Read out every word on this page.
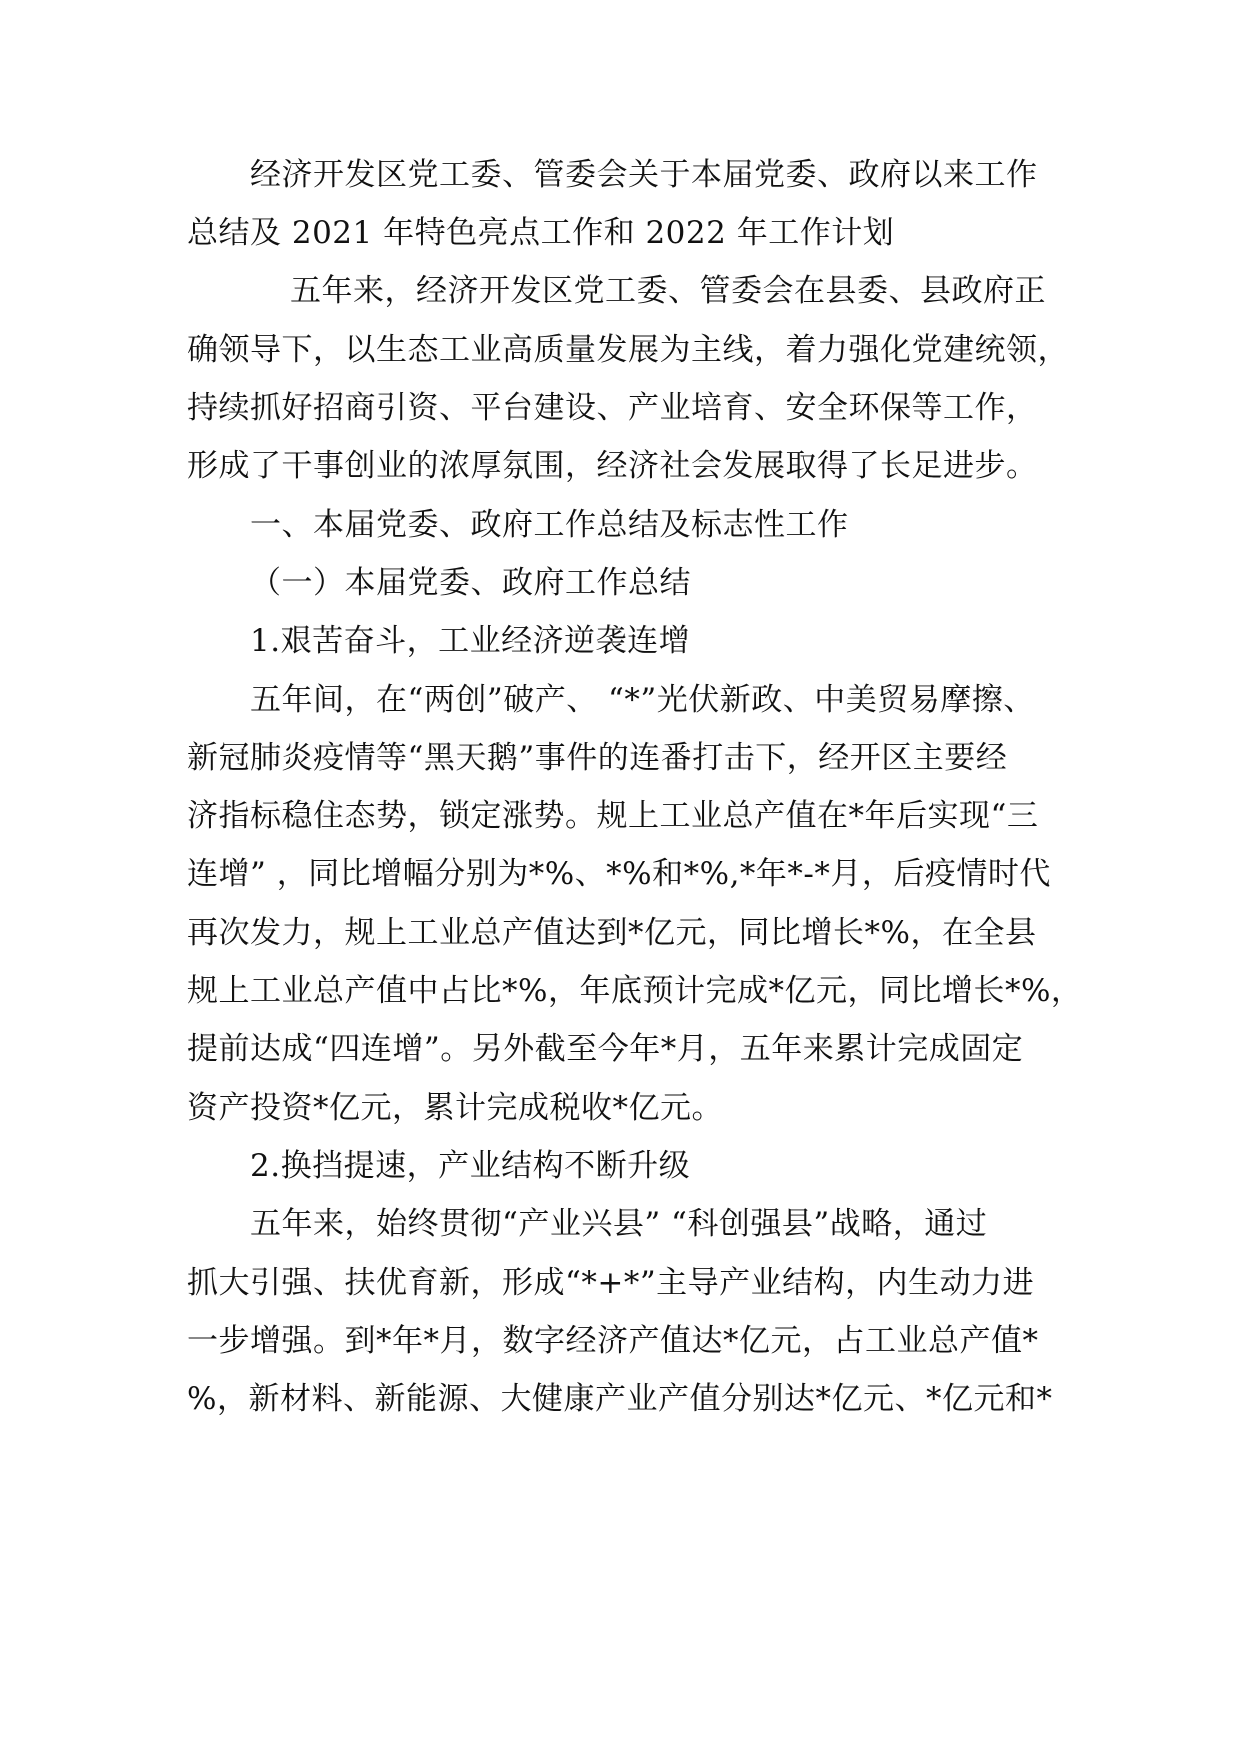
经济开发区党工委、管委会关于本届党委、政府以来工作
总结及 2021 年特色亮点工作和 2022 年工作计划
五年来，经济开发区党工委、管委会在县委、县政府正
确领导下，以生态工业高质量发展为主线，着力强化党建统领，
持续抓好招商引资、平台建设、产业培育、安全环保等工作，
形成了干事创业的浓厚氛围，经济社会发展取得了长足进步。
一、本届党委、政府工作总结及标志性工作
（一）本届党委、政府工作总结
1.艰苦奋斗，工业经济逆袭连增
五年间，在“两创”破产、 “*”光伏新政、中美贸易摩擦、
新冠肺炎疫情等“黑天鹅”事件的连番打击下，经开区主要经
济指标稳住态势，锁定涨势。规上工业总产值在*年后实现“三
连增” ，同比增幅分别为*%、*%和*%,*年*-*月，后疫情时代
再次发力，规上工业总产值达到*亿元，同比增长*%，在全县
规上工业总产值中占比*%，年底预计完成*亿元，同比增长*%，
提前达成“四连增”。另外截至今年*月，五年来累计完成固定
资产投资*亿元，累计完成税收*亿元。
2.换挡提速，产业结构不断升级
五年来，始终贯彻“产业兴县” “科创强县”战略，通过
抓大引强、扶优育新，形成“*+*”主导产业结构，内生动力进
一步增强。到*年*月，数字经济产值达*亿元，占工业总产值*
%，新材料、新能源、大健康产业产值分别达*亿元、*亿元和*
